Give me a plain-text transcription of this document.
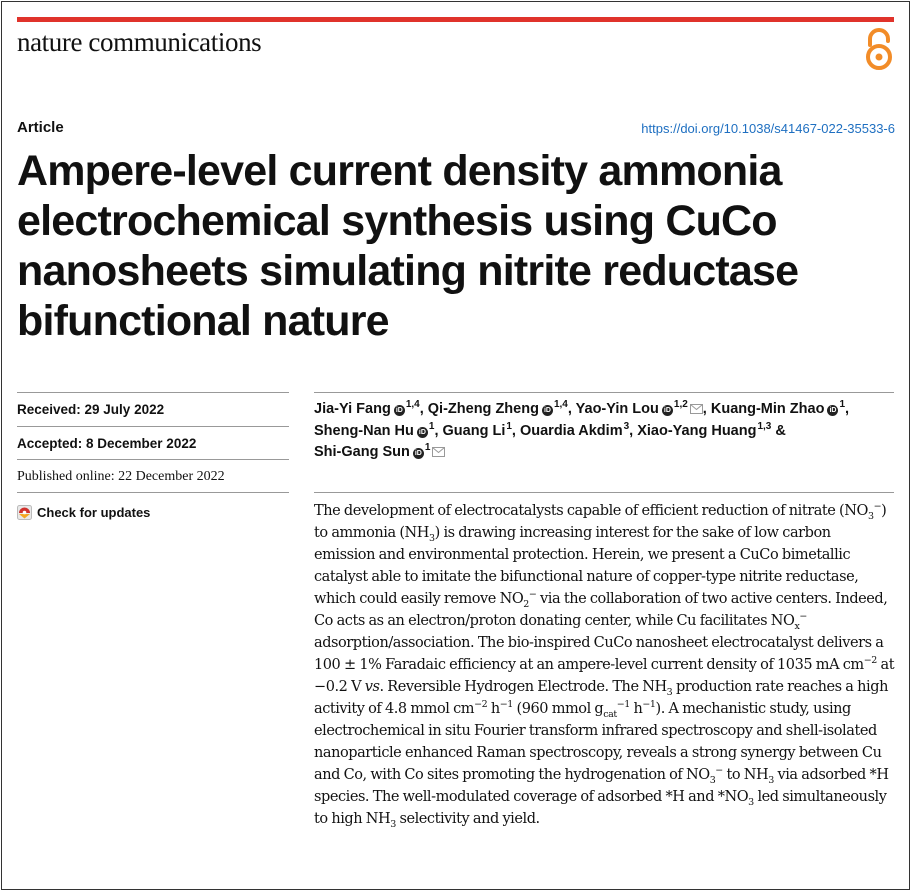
nature communications
Article	https://doi.org/10.1038/s41467-022-35533-6
Ampere-level current density ammonia electrochemical synthesis using CuCo nanosheets simulating nitrite reductase bifunctional nature
Received: 29 July 2022
Accepted: 8 December 2022
Published online: 22 December 2022
Check for updates
Jia-Yi Fang iD$^{1,4}$, Qi-Zheng Zheng iD$^{1,4}$, Yao-Yin Lou iD$^{1,2}$ , Kuang-Min Zhao iD$^1$, Sheng-Nan Hu iD$^1$, Guang Li$^1$, Ouardia Akdim$^3$, Xiao-Yang Huang$^{1,3}$ & Shi-Gang Sun iD$^1$

The development of electrocatalysts capable of efficient reduction of nitrate $(NO_3^-)$ to ammonia $(NH_3)$ is drawing increasing interest for the sake of low carbon emission and environmental protection. Herein, we present a CuCo bimetallic catalyst able to imitate the bifunctional nature of copper-type nitrite reductase, which could easily remove $NO_2^-$ via the collaboration of two active centers. Indeed, Co acts as an electron/proton donating center, while Cu facilitates $NO_x^-$ adsorption/association. The bio-inspired CuCo nanosheet electrocatalyst delivers a 100 ± 1% Faradaic efficiency at an ampere-level current density of 1035 mA $cm^{-2}$ at −0.2 V vs. Reversible Hydrogen Electrode. The $NH_3$ production rate reaches a high activity of 4.8 mmol $cm^{-2}$ $h^{-1}$ (960 mmol $g_{cat}^{-1}$ $h^{-1}$). A mechanistic study, using electrochemical in situ Fourier transform infrared spectroscopy and shell-isolated nanoparticle enhanced Raman spectroscopy, reveals a strong synergy between Cu and Co, with Co sites promoting the hydrogenation of $NO_3^-$ to $NH_3$ via adsorbed *H species. The well-modulated coverage of adsorbed *H and $*NO_3$ led simultaneously to high $NH_3$ selectivity and yield.
